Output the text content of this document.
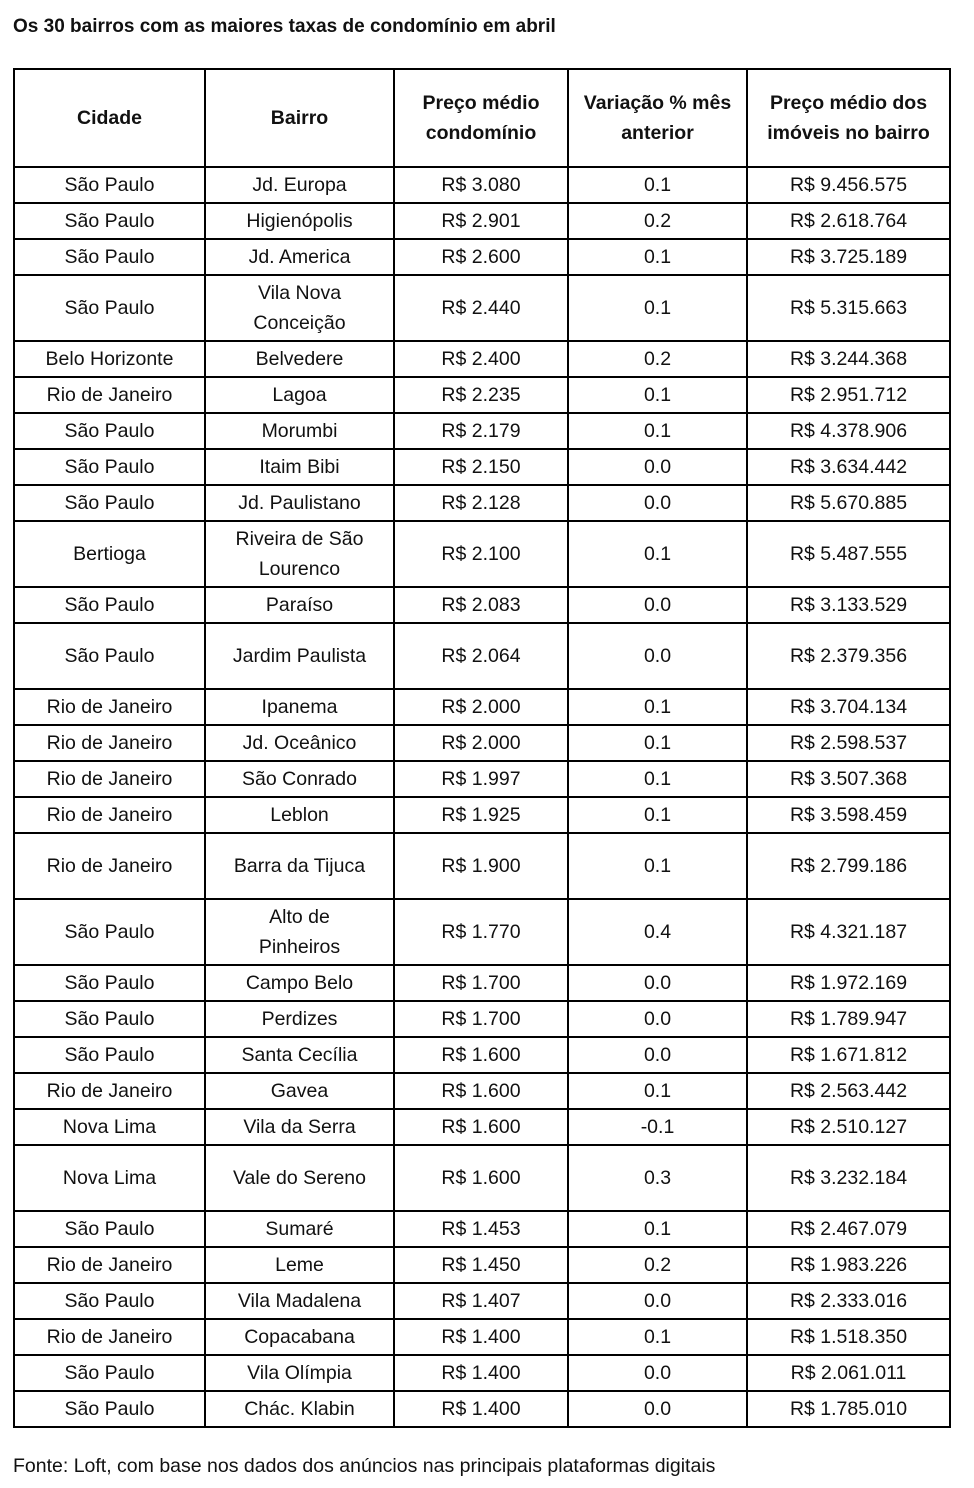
Os 30 bairros com as maiores taxas de condomínio em abril
Cidade	Bairro	Preço médio condomínio	Variação % mês anterior	Preço médio dos imóveis no bairro
São Paulo	Jd. Europa	R$ 3.080	0.1	R$ 9.456.575
São Paulo	Higienópolis	R$ 2.901	0.2	R$ 2.618.764
São Paulo	Jd. America	R$ 2.600	0.1	R$ 3.725.189
São Paulo	Vila Nova Conceição	R$ 2.440	0.1	R$ 5.315.663
Belo Horizonte	Belvedere	R$ 2.400	0.2	R$ 3.244.368
Rio de Janeiro	Lagoa	R$ 2.235	0.1	R$ 2.951.712
São Paulo	Morumbi	R$ 2.179	0.1	R$ 4.378.906
São Paulo	Itaim Bibi	R$ 2.150	0.0	R$ 3.634.442
São Paulo	Jd. Paulistano	R$ 2.128	0.0	R$ 5.670.885
Bertioga	Riveira de São Lourenco	R$ 2.100	0.1	R$ 5.487.555
São Paulo	Paraíso	R$ 2.083	0.0	R$ 3.133.529
São Paulo	Jardim Paulista	R$ 2.064	0.0	R$ 2.379.356
Rio de Janeiro	Ipanema	R$ 2.000	0.1	R$ 3.704.134
Rio de Janeiro	Jd. Oceânico	R$ 2.000	0.1	R$ 2.598.537
Rio de Janeiro	São Conrado	R$ 1.997	0.1	R$ 3.507.368
Rio de Janeiro	Leblon	R$ 1.925	0.1	R$ 3.598.459
Rio de Janeiro	Barra da Tijuca	R$ 1.900	0.1	R$ 2.799.186
São Paulo	Alto de Pinheiros	R$ 1.770	0.4	R$ 4.321.187
São Paulo	Campo Belo	R$ 1.700	0.0	R$ 1.972.169
São Paulo	Perdizes	R$ 1.700	0.0	R$ 1.789.947
São Paulo	Santa Cecília	R$ 1.600	0.0	R$ 1.671.812
Rio de Janeiro	Gavea	R$ 1.600	0.1	R$ 2.563.442
Nova Lima	Vila da Serra	R$ 1.600	-0.1	R$ 2.510.127
Nova Lima	Vale do Sereno	R$ 1.600	0.3	R$ 3.232.184
São Paulo	Sumaré	R$ 1.453	0.1	R$ 2.467.079
Rio de Janeiro	Leme	R$ 1.450	0.2	R$ 1.983.226
São Paulo	Vila Madalena	R$ 1.407	0.0	R$ 2.333.016
Rio de Janeiro	Copacabana	R$ 1.400	0.1	R$ 1.518.350
São Paulo	Vila Olímpia	R$ 1.400	0.0	R$ 2.061.011
São Paulo	Chác. Klabin	R$ 1.400	0.0	R$ 1.785.010
Fonte: Loft, com base nos dados dos anúncios nas principais plataformas digitais
